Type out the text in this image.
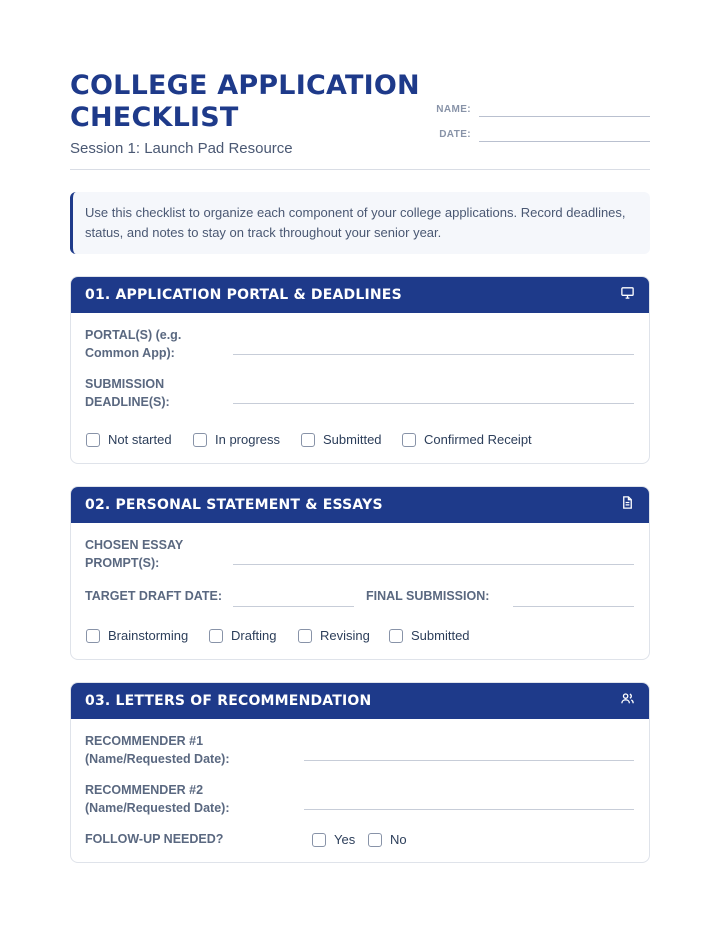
COLLEGE APPLICATION CHECKLIST
Session 1: Launch Pad Resource
NAME:
DATE:
Use this checklist to organize each component of your college applications. Record deadlines, status, and notes to stay on track throughout your senior year.
01. APPLICATION PORTAL & DEADLINES
PORTAL(S) (e.g. Common App):
SUBMISSION DEADLINE(S):
Not started	In progress	Submitted	Confirmed Receipt
02. PERSONAL STATEMENT & ESSAYS
CHOSEN ESSAY PROMPT(S):
TARGET DRAFT DATE:	FINAL SUBMISSION:
Brainstorming	Drafting	Revising	Submitted
03. LETTERS OF RECOMMENDATION
RECOMMENDER #1 (Name/Requested Date):
RECOMMENDER #2 (Name/Requested Date):
FOLLOW-UP NEEDED?	Yes	No
